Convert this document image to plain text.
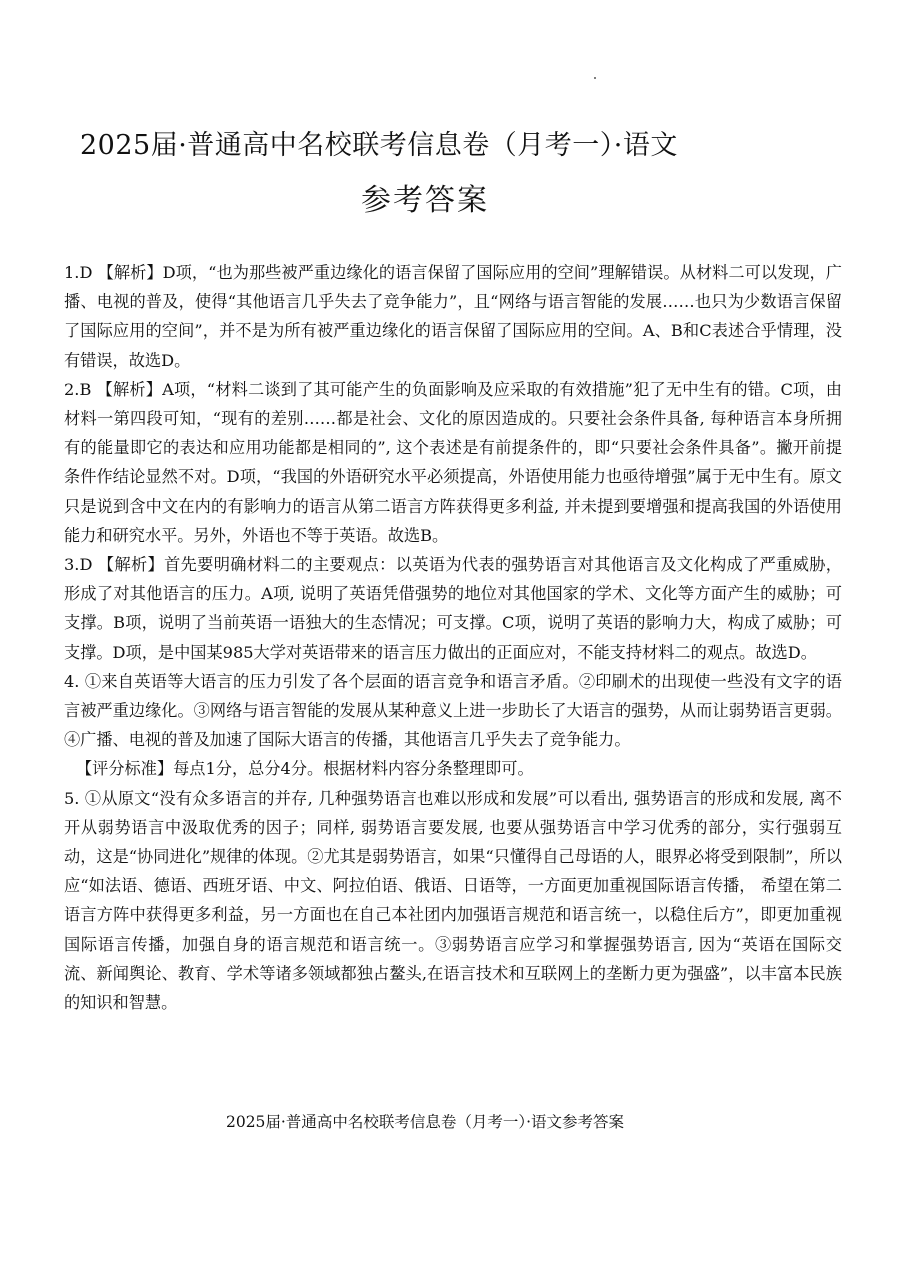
2025届·普通高中名校联考信息卷（月考一）·语文
参考答案

1.D 【解析】D项，“也为那些被严重边缘化的语言保留了国际应用的空间”理解错误。从材料二可以发现，广播、电视的普及，使得“其他语言几乎失去了竞争能力”，且“网络与语言智能的发展……也只为少数语言保留了国际应用的空间”，并不是为所有被严重边缘化的语言保留了国际应用的空间。A、B和C表述合乎情理，没有错误，故选D。

2.B 【解析】A项，“材料二谈到了其可能产生的负面影响及应采取的有效措施”犯了无中生有的错。C项，由材料一第四段可知，“现有的差别……都是社会、文化的原因造成的。只要社会条件具备, 每种语言本身所拥有的能量即它的表达和应用功能都是相同的”, 这个表述是有前提条件的，即“只要社会条件具备”。撇开前提条件作结论显然不对。D项，“我国的外语研究水平必须提高，外语使用能力也亟待增强”属于无中生有。原文只是说到含中文在内的有影响力的语言从第二语言方阵获得更多利益, 并未提到要增强和提高我国的外语使用能力和研究水平。另外，外语也不等于英语。故选B。

3.D 【解析】首先要明确材料二的主要观点：以英语为代表的强势语言对其他语言及文化构成了严重威胁，形成了对其他语言的压力。A项, 说明了英语凭借强势的地位对其他国家的学术、文化等方面产生的威胁；可支撑。B项，说明了当前英语一语独大的生态情况；可支撑。C项，说明了英语的影响力大，构成了威胁；可支撑。D项，是中国某985大学对英语带来的语言压力做出的正面应对，不能支持材料二的观点。故选D。

4. ①来自英语等大语言的压力引发了各个层面的语言竞争和语言矛盾。②印刷术的出现使一些没有文字的语言被严重边缘化。③网络与语言智能的发展从某种意义上进一步助长了大语言的强势，从而让弱势语言更弱。④广播、电视的普及加速了国际大语言的传播，其他语言几乎失去了竞争能力。

【评分标准】每点1分，总分4分。根据材料内容分条整理即可。

5. ①从原文“没有众多语言的并存, 几种强势语言也难以形成和发展”可以看出, 强势语言的形成和发展, 离不开从弱势语言中汲取优秀的因子；同样, 弱势语言要发展, 也要从强势语言中学习优秀的部分，实行强弱互动，这是“协同进化”规律的体现。②尤其是弱势语言，如果“只懂得自己母语的人，眼界必将受到限制”，所以应“如法语、德语、西班牙语、中文、阿拉伯语、俄语、日语等，一方面更加重视国际语言传播， 希望在第二语言方阵中获得更多利益，另一方面也在自己本社团内加强语言规范和语言统一，以稳住后方”，即更加重视国际语言传播，加强自身的语言规范和语言统一。③弱势语言应学习和掌握强势语言, 因为“英语在国际交流、新闻舆论、教育、学术等诸多领域都独占鳌头,在语言技术和互联网上的垄断力更为强盛”，以丰富本民族的知识和智慧。

2025届·普通高中名校联考信息卷（月考一）·语文参考答案
